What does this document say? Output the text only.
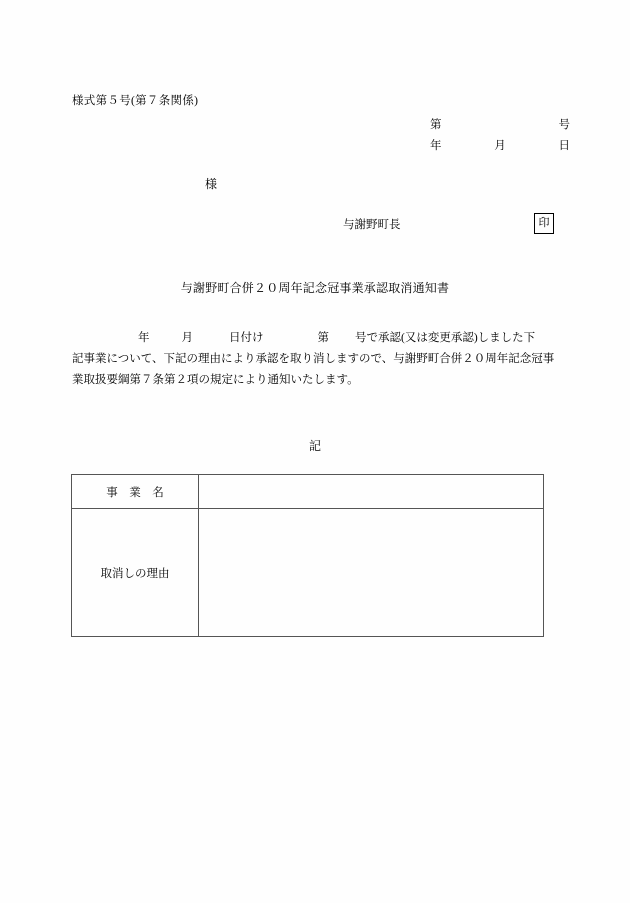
様式第５号(第７条関係)
第	号
年	月	日
様
与謝野町長	印
与謝野町合併２０周年記念冠事業承認取消通知書
年	月	日付け	第 号で承認(又は変更承認)しました下
記事業について、下記の理由により承認を取り消しますので、与謝野町合併２０周年記念冠事業取扱要綱第７条第２項の規定により通知いたします。
記
事　業　名	
取消しの理由	
